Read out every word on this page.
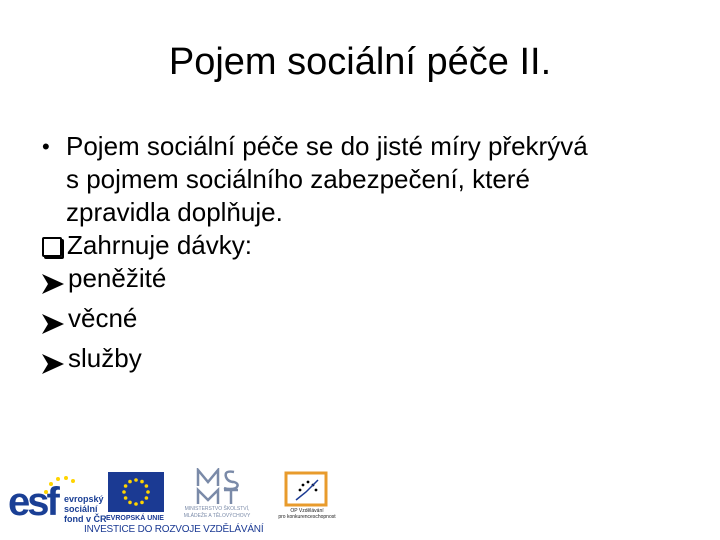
Pojem sociální péče II.
• Pojem sociální péče se do jisté míry překrývá
s pojmem sociálního zabezpečení, které
zpravidla doplňuje.
Zahrnuje dávky:
peněžité
věcné
služby
esf evropský
sociální
fond v ČR EVROPSKÁ UNIE
MINISTERSTVO ŠKOLSTVÍ,
MLÁDEŽE A TĚLOVÝCHOVY
OP Vzdělávání
pro konkurenceschopnost
INVESTICE DO ROZVOJE VZDĚLÁVÁNÍ
